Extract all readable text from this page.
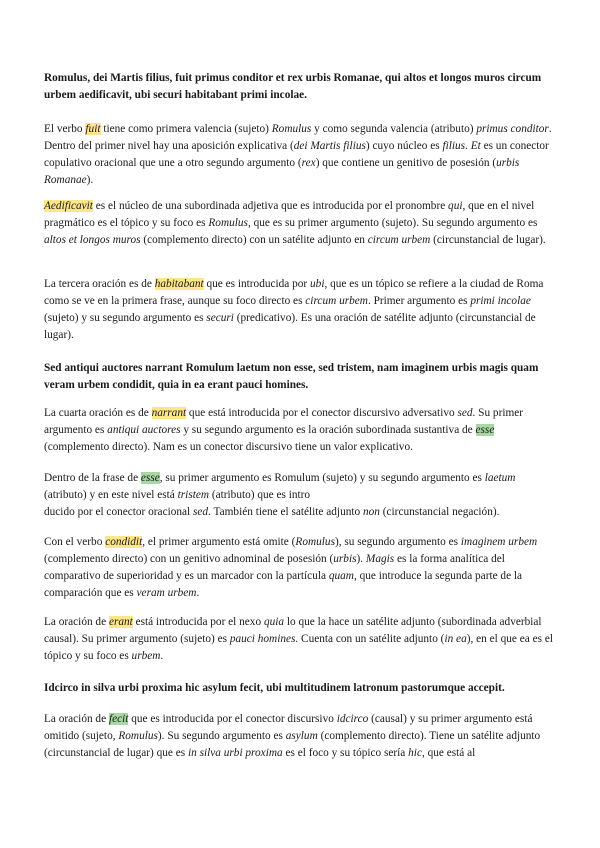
Romulus, dei Martis filius, fuit primus conditor et rex urbis Romanae, qui altos et longos muros circum urbem aedificavit, ubi securi habitabant primi incolae.

El verbo fuit tiene como primera valencia (sujeto) Romulus y como segunda valencia (atributo) primus conditor. Dentro del primer nivel hay una aposición explicativa (dei Martis filius) cuyo núcleo es filius. Et es un conector copulativo oracional que une a otro segundo argumento (rex) que contiene un genitivo de posesión (urbis Romanae).

Aedificavit es el núcleo de una subordinada adjetiva que es introducida por el pronombre qui, que en el nivel pragmático es el tópico y su foco es Romulus, que es su primer argumento (sujeto). Su segundo argumento es altos et longos muros (complemento directo) con un satélite adjunto en circum urbem (circunstancial de lugar).

La tercera oración es de habitabant que es introducida por ubi, que es un tópico se refiere a la ciudad de Roma como se ve en la primera frase, aunque su foco directo es circum urbem. Primer argumento es primi incolae (sujeto) y su segundo argumento es securi (predicativo). Es una oración de satélite adjunto (circunstancial de lugar).

Sed antiqui auctores narrant Romulum laetum non esse, sed tristem, nam imaginem urbis magis quam veram urbem condidit, quia in ea erant pauci homines.

La cuarta oración es de narrant que está introducida por el conector discursivo adversativo sed. Su primer argumento es antiqui auctores y su segundo argumento es la oración subordinada sustantiva de esse (complemento directo). Nam es un conector discursivo tiene un valor explicativo.

Dentro de la frase de esse, su primer argumento es Romulum (sujeto) y su segundo argumento es laetum (atributo) y en este nivel está tristem (atributo) que es intro
ducido por el conector oracional sed. También tiene el satélite adjunto non (circunstancial negación).

Con el verbo condidit, el primer argumento está omite (Romulus), su segundo argumento es imaginem urbem (complemento directo) con un genitivo adnominal de posesión (urbis). Magis es la forma analítica del comparativo de superioridad y es un marcador con la partícula quam, que introduce la segunda parte de la comparación que es veram urbem.

La oración de erant está introducida por el nexo quia lo que la hace un satélite adjunto (subordinada adverbial causal). Su primer argumento (sujeto) es pauci homines. Cuenta con un satélite adjunto (in ea), en el que ea es el tópico y su foco es urbem.

Idcirco in silva urbi proxima hic asylum fecit, ubi multitudinem latronum pastorumque accepit.

La oración de fecit que es introducida por el conector discursivo idcirco (causal) y su primer argumento está omitido (sujeto, Romulus). Su segundo argumento es asylum (complemento directo). Tiene un satélite adjunto (circunstancial de lugar) que es in silva urbi proxima es el foco y su tópico sería hic, que está al
